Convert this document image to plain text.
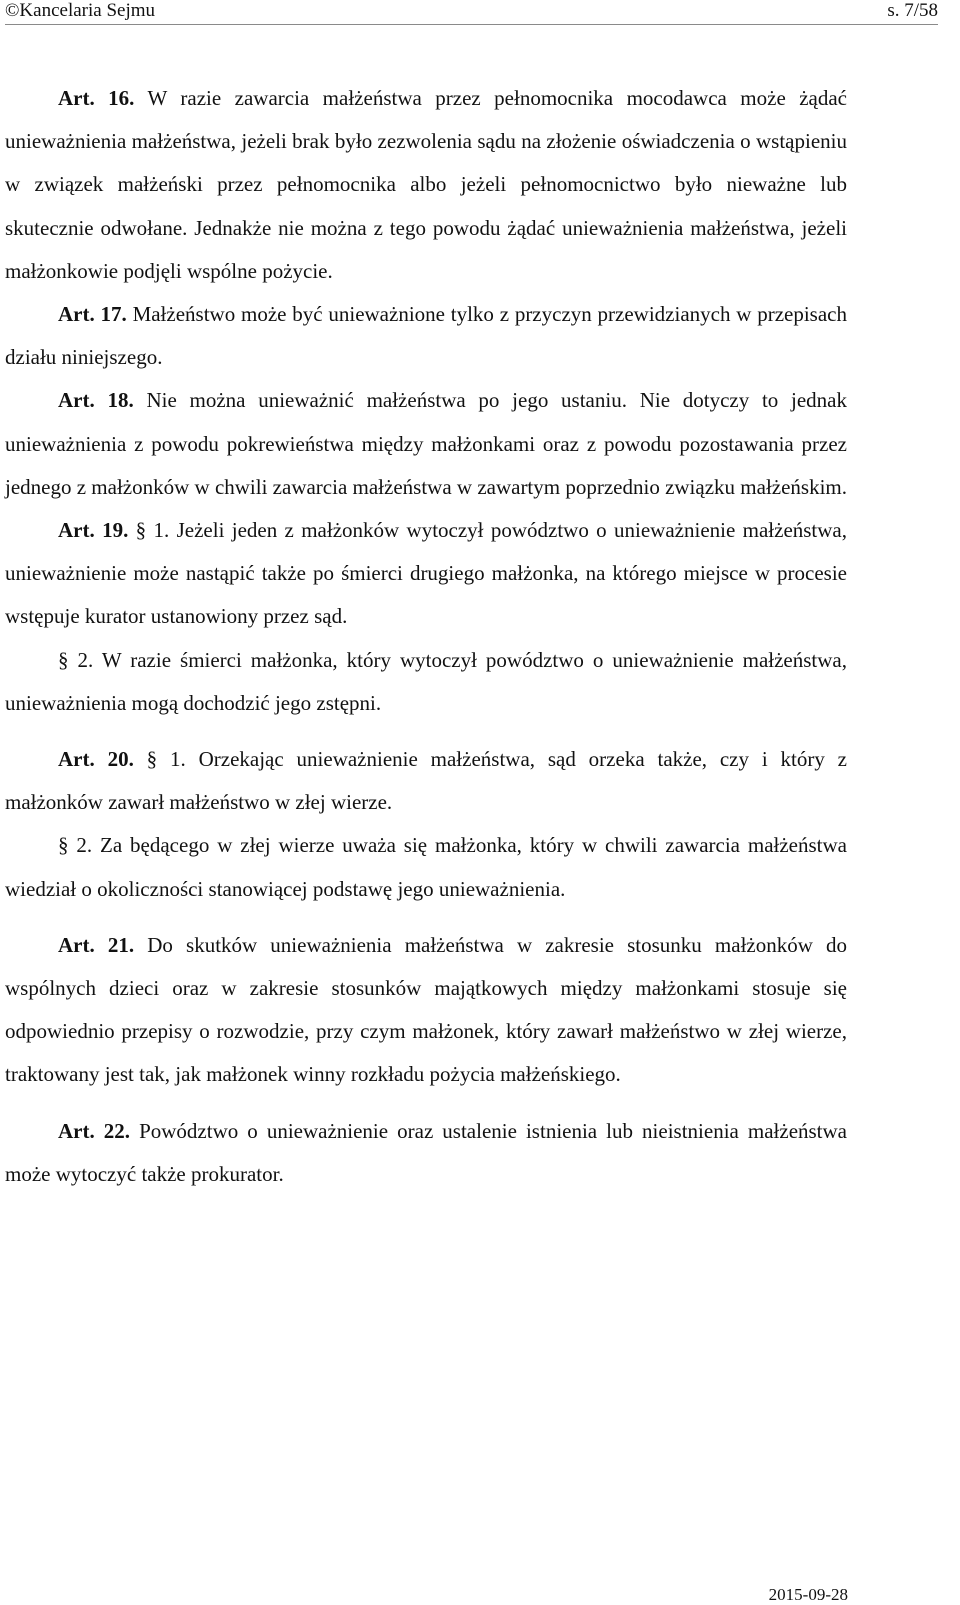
©Kancelaria Sejmu	s. 7/58

Art. 16. W razie zawarcia małżeństwa przez pełnomocnika mocodawca może żądać unieważnienia małżeństwa, jeżeli brak było zezwolenia sądu na złożenie oświadczenia o wstąpieniu w związek małżeński przez pełnomocnika albo jeżeli pełnomocnictwo było nieważne lub skutecznie odwołane. Jednakże nie można z tego powodu żądać unieważnienia małżeństwa, jeżeli małżonkowie podjęli wspólne pożycie.

Art. 17. Małżeństwo może być unieważnione tylko z przyczyn przewidzianych w przepisach działu niniejszego.

Art. 18. Nie można unieważnić małżeństwa po jego ustaniu. Nie dotyczy to jednak unieważnienia z powodu pokrewieństwa między małżonkami oraz z powodu pozostawania przez jednego z małżonków w chwili zawarcia małżeństwa w zawartym poprzednio związku małżeńskim.

Art. 19. § 1. Jeżeli jeden z małżonków wytoczył powództwo o unieważnienie małżeństwa, unieważnienie może nastąpić także po śmierci drugiego małżonka, na którego miejsce w procesie wstępuje kurator ustanowiony przez sąd.

§ 2. W razie śmierci małżonka, który wytoczył powództwo o unieważnienie małżeństwa, unieważnienia mogą dochodzić jego zstępni.

Art. 20. § 1. Orzekając unieważnienie małżeństwa, sąd orzeka także, czy i który z małżonków zawarł małżeństwo w złej wierze.

§ 2. Za będącego w złej wierze uważa się małżonka, który w chwili zawarcia małżeństwa wiedział o okoliczności stanowiącej podstawę jego unieważnienia.

Art. 21. Do skutków unieważnienia małżeństwa w zakresie stosunku małżonków do wspólnych dzieci oraz w zakresie stosunków majątkowych między małżonkami stosuje się odpowiednio przepisy o rozwodzie, przy czym małżonek, który zawarł małżeństwo w złej wierze, traktowany jest tak, jak małżonek winny rozkładu pożycia małżeńskiego.

Art. 22. Powództwo o unieważnienie oraz ustalenie istnienia lub nieistnienia małżeństwa może wytoczyć także prokurator.

2015-09-28
